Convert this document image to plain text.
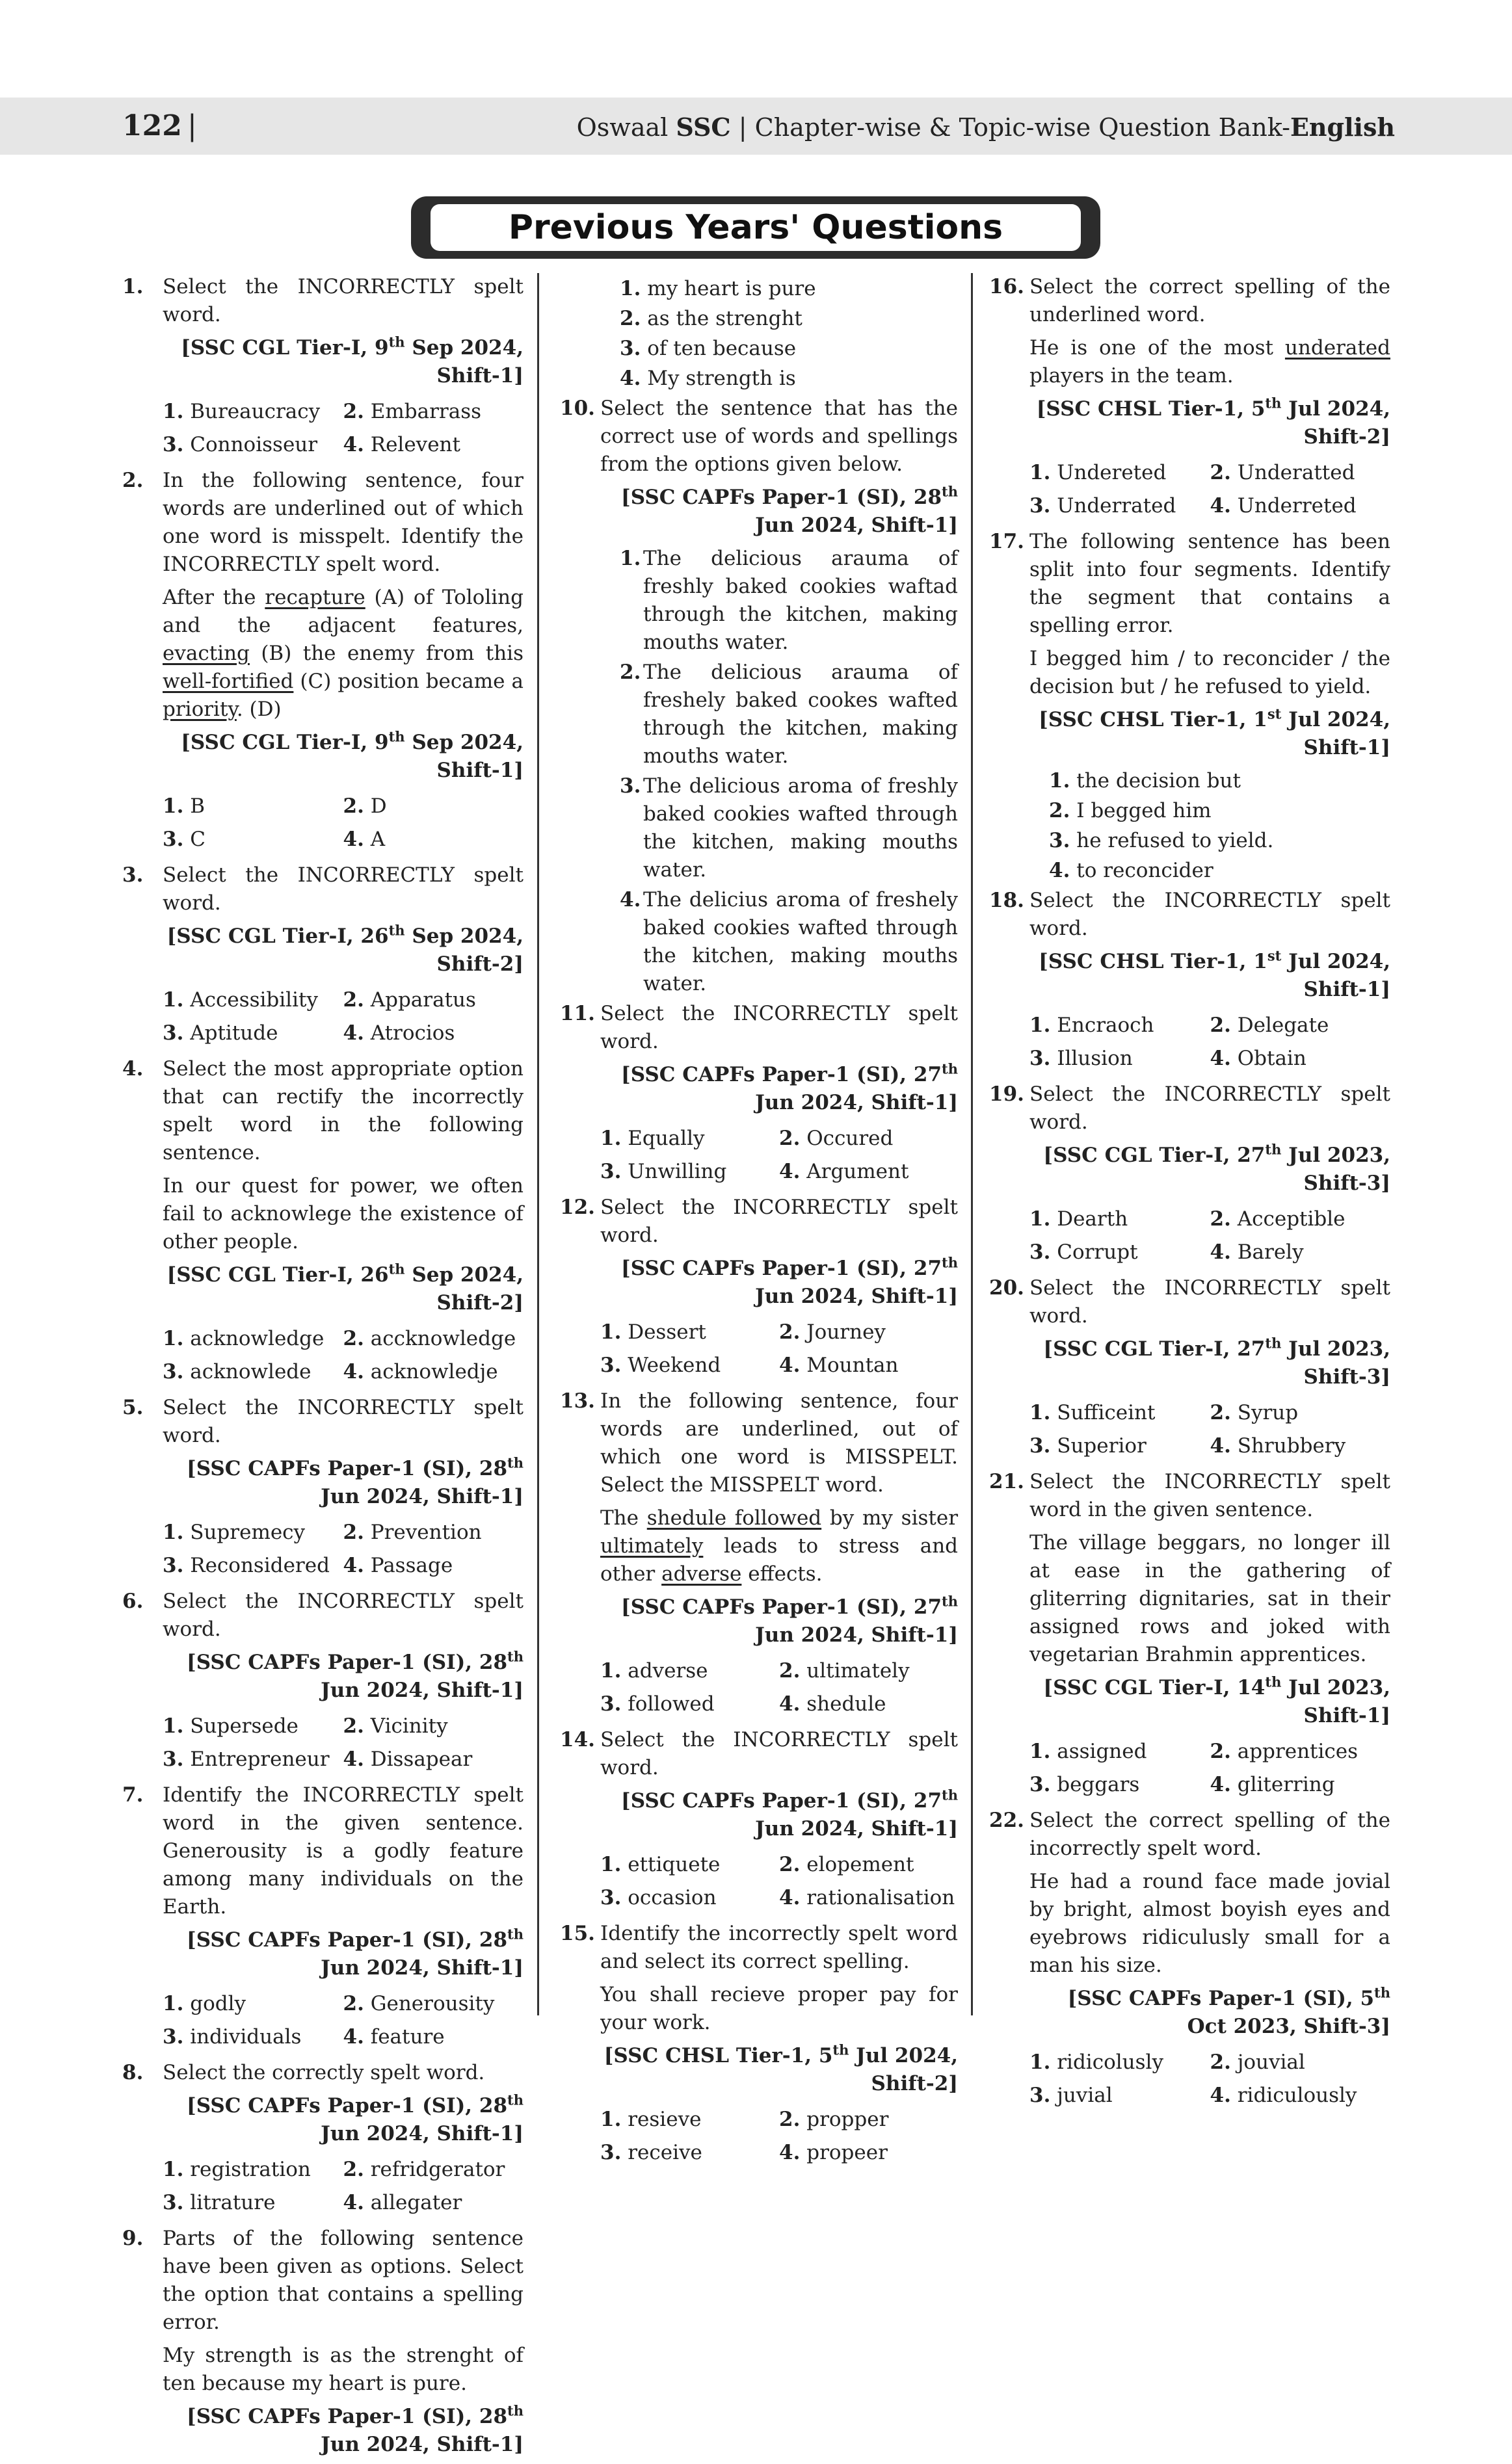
122 |	Oswaal SSC | Chapter-wise & Topic-wise Question Bank-English
Previous Years' Questions
1. Select the INCORRECTLY spelt word.
[SSC CGL Tier-I, 9th Sep 2024, Shift-1]
1. Bureaucracy	2. Embarrass
3. Connoisseur	4. Relevent
2. In the following sentence, four words are underlined out of which one word is misspelt. Identify the INCORRECTLY spelt word.
After the recapture (A) of Tololing and the adjacent features, evacting (B) the enemy from this well-fortified (C) position became a priority. (D)
[SSC CGL Tier-I, 9th Sep 2024, Shift-1]
1. B	2. D
3. C	4. A
3. Select the INCORRECTLY spelt word.
[SSC CGL Tier-I, 26th Sep 2024, Shift-2]
1. Accessibility	2. Apparatus
3. Aptitude	4. Atrocios
4. Select the most appropriate option that can rectify the incorrectly spelt word in the following sentence.
In our quest for power, we often fail to acknowlege the existence of other people.
[SSC CGL Tier-I, 26th Sep 2024, Shift-2]
1. acknowledge 2. accknowledge
3. acknowlede	4. acknowledje
5. Select the INCORRECTLY spelt word.
[SSC CAPFs Paper-1 (SI), 28th Jun 2024, Shift-1]
1. Supremecy	2. Prevention
3. Reconsidered 4. Passage
6. Select the INCORRECTLY spelt word.
[SSC CAPFs Paper-1 (SI), 28th Jun 2024, Shift-1]
1. Supersede	2. Vicinity
3. Entrepreneur 4. Dissapear
7. Identify the INCORRECTLY spelt word in the given sentence. Generousity is a godly feature among many individuals on the Earth.
[SSC CAPFs Paper-1 (SI), 28th Jun 2024, Shift-1]
1. godly	2. Generousity
3. individuals	4. feature
8. Select the correctly spelt word.
[SSC CAPFs Paper-1 (SI), 28th Jun 2024, Shift-1]
1. registration	2. refridgerator
3. litrature	4. allegater
9. Parts of the following sentence have been given as options. Select the option that contains a spelling error.
My strength is as the strenght of ten because my heart is pure.
[SSC CAPFs Paper-1 (SI), 28th Jun 2024, Shift-1]
1. my heart is pure
2. as the strenght
3. of ten because
4. My strength is
10. Select the sentence that has the correct use of words and spellings from the options given below.
[SSC CAPFs Paper-1 (SI), 28th Jun 2024, Shift-1]
1. The delicious arauma of freshly baked cookies waftad through the kitchen, making mouths water.
2. The delicious arauma of freshely baked cookes wafted through the kitchen, making mouths water.
3. The delicious aroma of freshly baked cookies wafted through the kitchen, making mouths water.
4. The delicius aroma of freshely baked cookies wafted through the kitchen, making mouths water.
11. Select the INCORRECTLY spelt word.
[SSC CAPFs Paper-1 (SI), 27th Jun 2024, Shift-1]
1. Equally	2. Occured
3. Unwilling	4. Argument
12. Select the INCORRECTLY spelt word.
[SSC CAPFs Paper-1 (SI), 27th Jun 2024, Shift-1]
1. Dessert	2. Journey
3. Weekend	4. Mountan
13. In the following sentence, four words are underlined, out of which one word is MISSPELT. Select the MISSPELT word.
The shedule followed by my sister ultimately leads to stress and other adverse effects.
[SSC CAPFs Paper-1 (SI), 27th Jun 2024, Shift-1]
1. adverse	2. ultimately
3. followed	4. shedule
14. Select the INCORRECTLY spelt word.
[SSC CAPFs Paper-1 (SI), 27th Jun 2024, Shift-1]
1. ettiquete	2. elopement
3. occasion	4. rationalisation
15. Identify the incorrectly spelt word and select its correct spelling.
You shall recieve proper pay for your work.
[SSC CHSL Tier-1, 5th Jul 2024, Shift-2]
1. resieve	2. propper
3. receive	4. propeer
16. Select the correct spelling of the underlined word.
He is one of the most underated players in the team.
[SSC CHSL Tier-1, 5th Jul 2024, Shift-2]
1. Undereted	2. Underatted
3. Underrated	4. Underreted
17. The following sentence has been split into four segments. Identify the segment that contains a spelling error.
I begged him / to reconcider / the decision but / he refused to yield.
[SSC CHSL Tier-1, 1st Jul 2024, Shift-1]
1. the decision but
2. I begged him
3. he refused to yield.
4. to reconcider
18. Select the INCORRECTLY spelt word.
[SSC CHSL Tier-1, 1st Jul 2024, Shift-1]
1. Encraoch	2. Delegate
3. Illusion	4. Obtain
19. Select the INCORRECTLY spelt word.
[SSC CGL Tier-I, 27th Jul 2023, Shift-3]
1. Dearth	2. Acceptible
3. Corrupt	4. Barely
20. Select the INCORRECTLY spelt word.
[SSC CGL Tier-I, 27th Jul 2023, Shift-3]
1. Sufficeint	2. Syrup
3. Superior	4. Shrubbery
21. Select the INCORRECTLY spelt word in the given sentence.
The village beggars, no longer ill at ease in the gathering of gliterring dignitaries, sat in their assigned rows and joked with vegetarian Brahmin apprentices.
[SSC CGL Tier-I, 14th Jul 2023, Shift-1]
1. assigned	2. apprentices
3. beggars	4. gliterring
22. Select the correct spelling of the incorrectly spelt word.
He had a round face made jovial by bright, almost boyish eyes and eyebrows ridiculusly small for a man his size.
[SSC CAPFs Paper-1 (SI), 5th Oct 2023, Shift-3]
1. ridicolusly	2. jouvial
3. juvial	4. ridiculously
